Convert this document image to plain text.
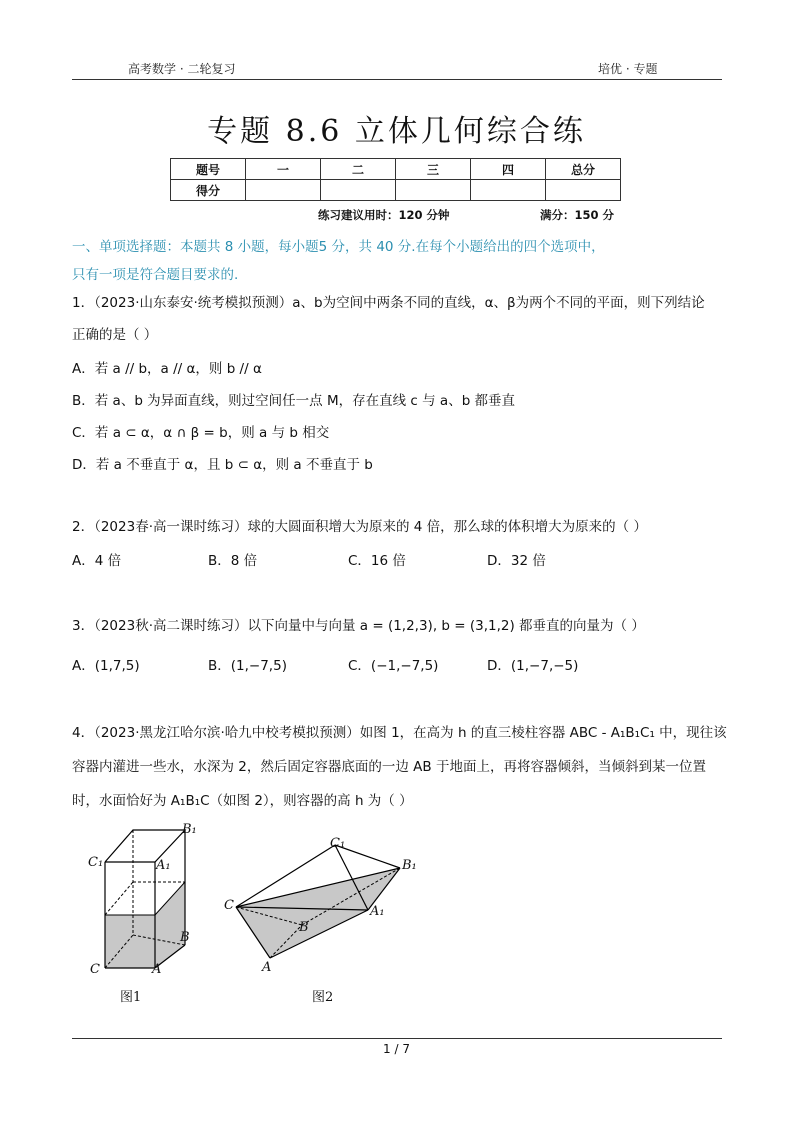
高考数学 · 二轮复习	培优 · 专题
专题 8.6 立体几何综合练
题号	一	二	三	四	总分
得分					
练习建议用时：120 分钟	满分：150 分
一、单项选择题：本题共 8 小题，每小题5 分，共 40 分.在每个小题给出的四个选项中，
只有一项是符合题目要求的.
1．（2023·山东泰安·统考模拟预测）a、b为空间中两条不同的直线，α、β为两个不同的平面，则下列结论
正确的是（ ）
A．若 a // b，a // α，则 b // α
B．若 a、b 为异面直线，则过空间任一点 M，存在直线 c 与 a、b 都垂直
C．若 a ⊂ α，α ∩ β = b，则 a 与 b 相交
D．若 a 不垂直于 α，且 b ⊂ α，则 a 不垂直于 b
2．（2023春·高一课时练习）球的大圆面积增大为原来的 4 倍，那么球的体积增大为原来的（ ）
A．4 倍	B．8 倍	C．16 倍	D．32 倍
3．（2023秋·高二课时练习）以下向量中与向量 a = (1,2,3), b = (3,1,2) 都垂直的向量为（ ）
A．(1,7,5)	B．(1,−7,5)	C．(−1,−7,5)	D．(1,−7,−5)
4．（2023·黑龙江哈尔滨·哈九中校考模拟预测）如图 1，在高为 h 的直三棱柱容器 ABC - A₁B₁C₁ 中，现往该
容器内灌进一些水，水深为 2，然后固定容器底面的一边 AB 于地面上，再将容器倾斜，当倾斜到某一位置
时，水面恰好为 A₁B₁C（如图 2），则容器的高 h 为（ ）
B₁
C₁	A₁
B
C	A
图1
C₁
B₁
C	A₁
B
A
图2
1 / 7
